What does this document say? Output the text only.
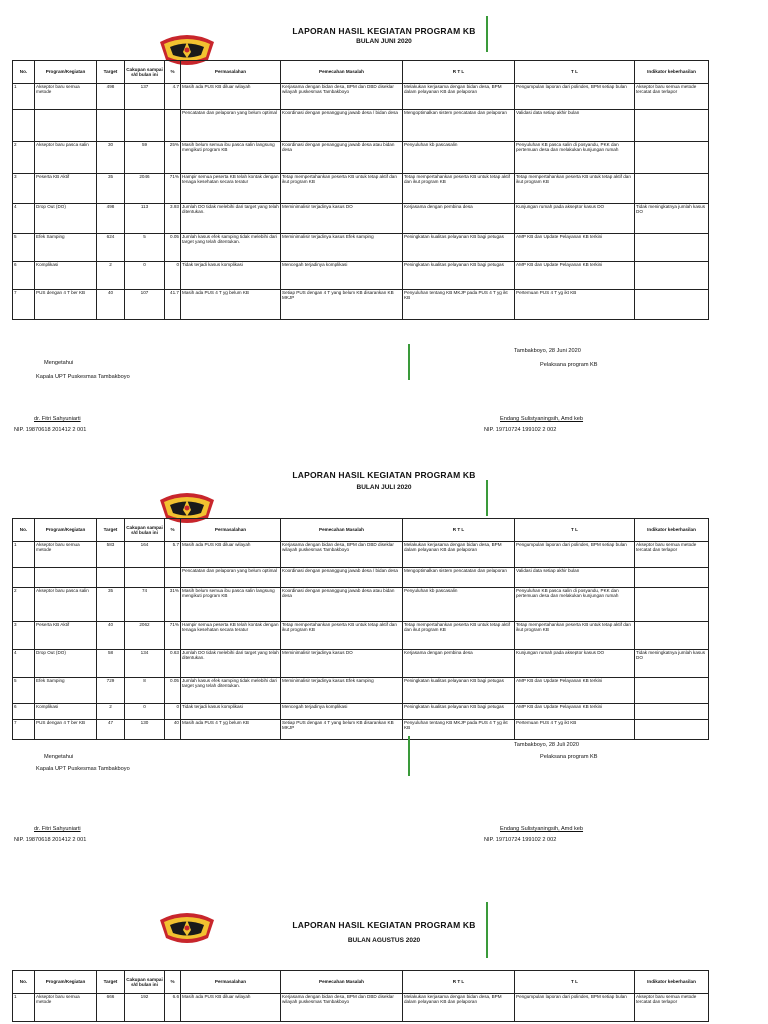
LAPORAN HASIL KEGIATAN PROGRAM KB
BULAN JUNI 2020
No.	Program/Kegiatan	Target	Cakupan sampai s/d bulan ini	%	Permasalahan	Pemecahan Masalah	R T L	T L	Indikator keberhasilan
1	Akseptor baru semua metode	498	137	4.7	Masih ada PUS KB diluar wilayah	Kerjasama dengan bidan desa, BPM dan DBD diseklar wilayah puskesmas Tambakboyo	Melakukan kerjasama dengan bidan desa, BPM dalam pelayanan KB dan pelaporan	Pengumpulan laporan dari polindes, BPM setiap bulan	Akseptor baru semua metode tercatat dan terlapor
					Pencatatan dan pelaporan yang belum optimal	Koordinasi dengan penanggung jawab desa / bidan desa	Mengoptimalkan sistem pencatatan dan pelaporan	Validasi data setiap akhir bulan	
2	Akseptor baru pasca salin	30	59	25%	Masih belum semua ibu pasca salin langsung mengikuti program KB	Koordinasi dengan penanggung jawab desa atau bidan desa	Penyuluhan kb pascasalin	Penyuluhan KB pasca salin di posyandu, PKK dan pertemuan desa dan melakukan kunjungan rumah	
3	Peserta KB Aktif	35	2046	71%	Hampir semua peserta KB telah kontak dengan tenaga kesehatan secara teratur	Tetap mempertahankan peserta KB untuk tetap aktif dan ikut program KB	Tetap mempertahankan peserta KB untuk tetap aktif dan ikut program KB	Tetap mempertahankan peserta KB untuk tetap aktif dan ikut program KB	
4	Drop Out (DO)	498	113	3.93	Jumlah DO tidak melebihi dari target yang telah ditentukan.	Meminimalisir terjadinya kasus DO	Kerjasama dengan pembina desa	Kunjungan rumah pada akseptor kasus DO	Tidak meningkatnya jumlah kasus DO
5	Efek Samping	624	5	0.05	Jumlah kasus efek samping tidak melebihi dari target yang telah ditentukan.	Meminimalisir terjadinya kasus Efek samping	Peningkatan kualitas pelayanan KB bagi petugas	AMP KB dan Update Pelayanan KB terkini	
6	Komplikasi	2	0	0	Tidak terjadi kasus komplikasi	Mencegah terjadinya komplikasi	Peningkatan kualitas pelayanan KB bagi petugas	AMP KB dan Update Pelayanan KB terkini	
7	PUS dengan 4 T ber KB	40	107	41.7	Masih ada PUS 4 T yg belum KB	Setiap PUS dengan 4 T yang belum KB disarankan KB MKJP	Penyuluhan tentang KB MKJP pada PUS 4 T yg ikt KB	Pertemuan PUS 4 T yg ikt KB	
Tambakboyo, 28 Juni 2020
Mengetahui	Pelaksana program KB
Kapala UPT Puskesmas Tambakboyo
dr. Fitri Sahyuniarti	Endang Sulistyaningsih, Amd keb
NIP. 19870618 201412 2 001	NIP. 19710724 199102 2 002
LAPORAN HASIL KEGIATAN PROGRAM KB
BULAN JULI 2020
No.	Program/Kegiatan	Target	Cakupan sampai s/d bulan ini	%	Permasalahan	Pemecahan Masalah	R T L	T L	Indikator keberhasilan
1	Akseptor baru semua metode	583	164	5.7	Masih ada PUS KB diluar wilayah	Kerjasama dengan bidan desa, BPM dan DBD diseklar wilayah puskesmas Tambakboyo	Melakukan kerjasama dengan bidan desa, BPM dalam pelayanan KB dan pelaporan	Pengumpulan laporan dari polindes, BPM setiap bulan	Akseptor baru semua metode tercatat dan terlapor
					Pencatatan dan pelaporan yang belum optimal	Koordinasi dengan penanggung jawab desa / bidan desa	Mengoptimalkan sistem pencatatan dan pelaporan	Validasi data setiap akhir bulan	
2	Akseptor baru pasca salin	35	74	31%	Masih belum semua ibu pasca salin langsung mengikuti program KB	Koordinasi dengan penanggung jawab desa atau bidan desa	Penyuluhan kb pascasalin	Penyuluhan KB pasca salin di posyandu, PKK dan pertemuan desa dan melakukan kunjungan rumah	
3	Peserta KB Aktif	40	2062	71%	Hampir semua peserta KB telah kontak dengan tenaga kesehatan secara teratur	Tetap mempertahankan peserta KB untuk tetap aktif dan ikut program KB	Tetap mempertahankan peserta KB untuk tetap aktif dan ikut program KB	Tetap mempertahankan peserta KB untuk tetap aktif dan ikut program KB	
4	Drop Out (DO)	58	134	0.63	Jumlah DO tidak melebihi dari target yang telah ditentukan.	Meminimalisir terjadinya kasus DO	Kerjasama dengan pembina desa	Kunjungan rumah pada akseptor kasus DO	Tidak meningkatnya jumlah kasus DO
5	Efek Samping	729	8	0.05	Jumlah kasus efek samping tidak melebihi dari target yang telah ditentukan.	Meminimalisir terjadinya kasus Efek samping	Peningkatan kualitas pelayanan KB bagi petugas	AMP KB dan Update Pelayanan KB terkini	
6	Komplikasi	2	0	0	Tidak terjadi kasus komplikasi	Mencegah terjadinya komplikasi	Peningkatan kualitas pelayanan KB bagi petugas	AMP KB dan Update Pelayanan KB terkini	
7	PUS dengan 4 T ber KB	47	130	40	Masih ada PUS 4 T yg belum KB	Setiap PUS dengan 4 T yang belum KB disarankan KB MKJP	Penyuluhan tentang KB MKJP pada PUS 4 T yg ikt KB	Pertemuan PUS 4 T yg ikt KB	
Tambakboyo, 28 Juli 2020
Mengetahui	Pelaksana program KB
Kapala UPT Puskesmas Tambakboyo
dr. Fitri Sahyuniarti	Endang Sulistyaningsih, Amd keb
NIP. 19870618 201412 2 001	NIP. 19710724 199102 2 002
LAPORAN HASIL KEGIATAN PROGRAM KB
BULAN AGUSTUS 2020
No.	Program/Kegiatan	Target	Cakupan sampai s/d bulan ini	%	Permasalahan	Pemecahan Masalah	R T L	T L	Indikator keberhasilan
1	Akseptor baru semua metode	666	192	6.6	Masih ada PUS KB diluar wilayah	Kerjasama dengan bidan desa, BPM dan DBD diseklar wilayah puskesmas Tambakboyo	Melakukan kerjasama dengan bidan desa, BPM dalam pelayanan KB dan pelaporan	Pengumpulan laporan dari polindes, BPM setiap bulan	Akseptor baru semua metode tercatat dan terlapor
